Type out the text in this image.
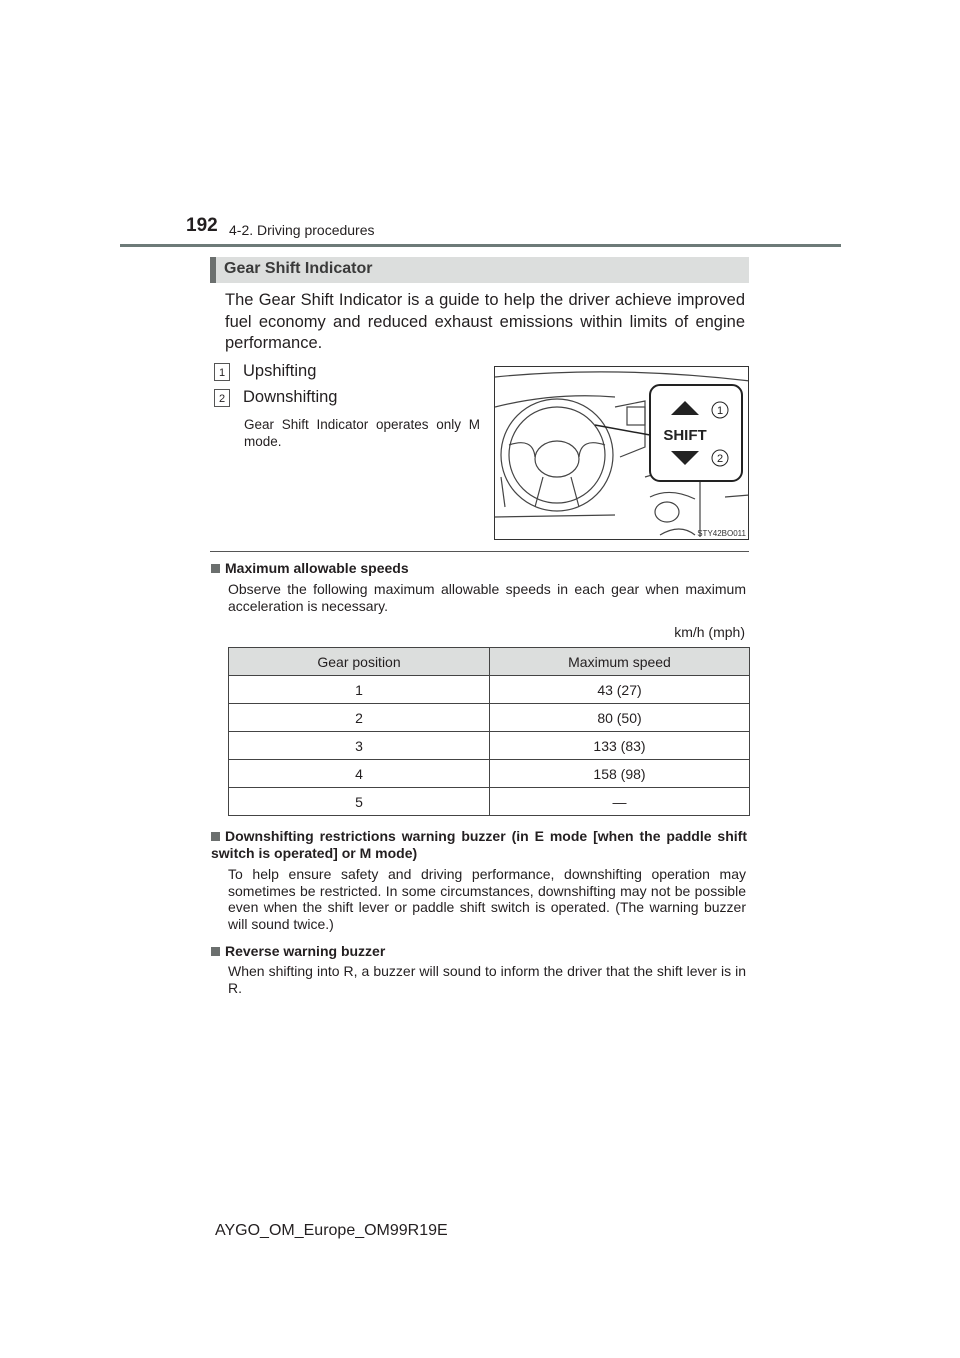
192 4-2. Driving procedures
Gear Shift Indicator
The Gear Shift Indicator is a guide to help the driver achieve improved fuel economy and reduced exhaust emissions within limits of engine performance.
1 Upshifting
2 Downshifting
Gear Shift Indicator operates only M mode.	SHIFT
1
2
STY42BO011
Maximum allowable speeds
Observe the following maximum allowable speeds in each gear when maximum acceleration is necessary.
km/h (mph)
Gear position	Maximum speed
1	43 (27)
2	80 (50)
3	133 (83)
4	158 (98)
5	—
Downshifting restrictions warning buzzer (in E mode [when the paddle shift switch is operated] or M mode)
To help ensure safety and driving performance, downshifting operation may sometimes be restricted. In some circumstances, downshifting may not be possible even when the shift lever or paddle shift switch is operated. (The warning buzzer will sound twice.)
Reverse warning buzzer
When shifting into R, a buzzer will sound to inform the driver that the shift lever is in R.
AYGO_OM_Europe_OM99R19E
